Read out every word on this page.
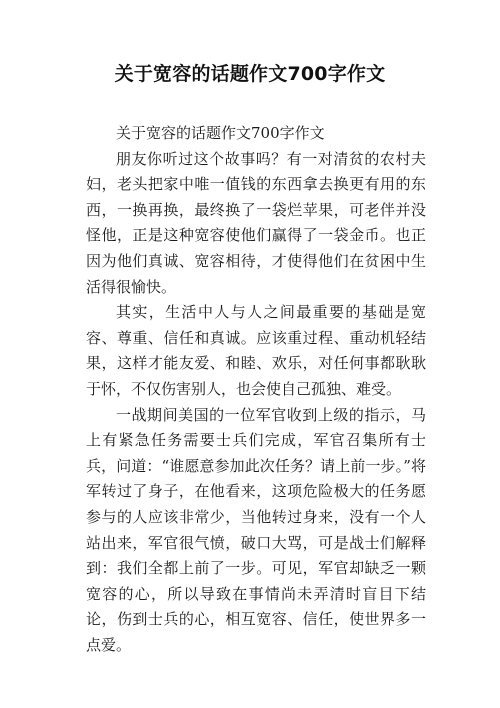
关于宽容的话题作文700字作文

关于宽容的话题作文700字作文

朋友你听过这个故事吗？有一对清贫的农村夫妇，老头把家中唯一值钱的东西拿去换更有用的东西，一换再换，最终换了一袋烂苹果，可老伴并没怪他，正是这种宽容使他们赢得了一袋金币。也正因为他们真诚、宽容相待，才使得他们在贫困中生活得很愉快。

其实，生活中人与人之间最重要的基础是宽容、尊重、信任和真诚。应该重过程、重动机轻结果，这样才能友爱、和睦、欢乐，对任何事都耿耿于怀，不仅伤害别人，也会使自己孤独、难受。

一战期间美国的一位军官收到上级的指示，马上有紧急任务需要士兵们完成，军官召集所有士兵，问道：“谁愿意参加此次任务？请上前一步。”将军转过了身子，在他看来，这项危险极大的任务愿参与的人应该非常少，当他转过身来，没有一个人站出来，军官很气愤，破口大骂，可是战士们解释到：我们全都上前了一步。可见，军官却缺乏一颗宽容的心，所以导致在事情尚未弄清时盲目下结论，伤到士兵的心，相互宽容、信任，使世界多一点爱。
